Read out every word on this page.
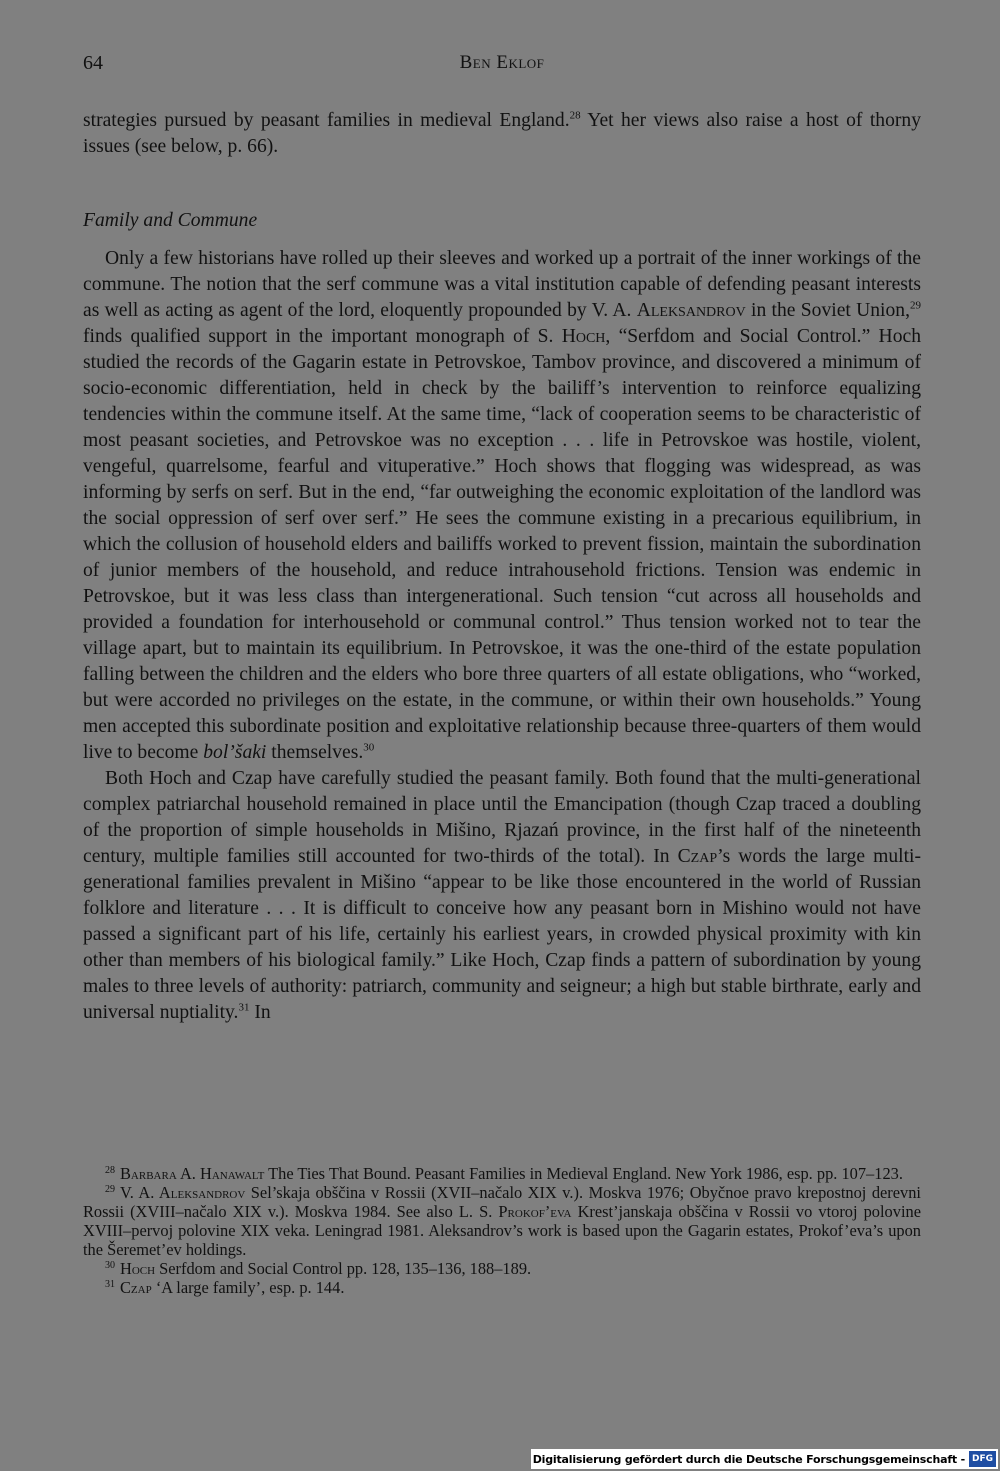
64	Ben Eklof

strategies pursued by peasant families in medieval England.$^{28}$ Yet her views also raise a host of thorny issues (see below, p. 66).

Family and Commune

Only a few historians have rolled up their sleeves and worked up a portrait of the inner workings of the commune. The notion that the serf commune was a vital institution capable of defending peasant interests as well as acting as agent of the lord, eloquently propounded by V. A. Aleksandrov in the Soviet Union,$^{29}$ finds qualified support in the important monograph of S. Hoch, “Serfdom and Social Control.” Hoch studied the records of the Gagarin estate in Petrovskoe, Tambov province, and discovered a minimum of socio-economic differentiation, held in check by the bailiff’s intervention to reinforce equalizing tendencies within the commune itself. At the same time, “lack of cooperation seems to be characteristic of most peasant societies, and Petrovskoe was no exception . . . life in Petrovskoe was hostile, violent, vengeful, quarrelsome, fearful and vituperative.” Hoch shows that flogging was widespread, as was informing by serfs on serf. But in the end, “far outweighing the economic exploitation of the landlord was the social oppression of serf over serf.” He sees the commune existing in a precarious equilibrium, in which the collusion of household elders and bailiffs worked to prevent fission, maintain the subordination of junior members of the household, and reduce intrahousehold frictions. Tension was endemic in Petrovskoe, but it was less class than intergenerational. Such tension “cut across all households and provided a foundation for interhousehold or communal control.” Thus tension worked not to tear the village apart, but to maintain its equilibrium. In Petrovskoe, it was the one-third of the estate population falling between the children and the elders who bore three quarters of all estate obligations, who “worked, but were accorded no privileges on the estate, in the commune, or within their own households.” Young men accepted this subordinate position and exploitative relationship because three-quarters of them would live to become bol’šaki themselves.$^{30}$

Both Hoch and Czap have carefully studied the peasant family. Both found that the multi-generational complex patriarchal household remained in place until the Emancipation (though Czap traced a doubling of the proportion of simple households in Mišino, Rjazań province, in the first half of the nineteenth century, multiple families still accounted for two-thirds of the total). In Czap’s words the large multi-generational families prevalent in Mišino “appear to be like those encountered in the world of Russian folklore and literature . . . It is difficult to conceive how any peasant born in Mishino would not have passed a significant part of his life, certainly his earliest years, in crowded physical proximity with kin other than members of his biological family.” Like Hoch, Czap finds a pattern of subordination by young males to three levels of authority: patriarch, community and seigneur; a high but stable birthrate, early and universal nuptiality.$^{31}$ In

$^{28}$ Barbara A. Hanawalt The Ties That Bound. Peasant Families in Medieval England. New York 1986, esp. pp. 107–123.

$^{29}$ V. A. Aleksandrov Sel’skaja obščina v Rossii (XVII–načalo XIX v.). Moskva 1976; Obyčnoe pravo krepostnoj derevni Rossii (XVIII–načalo XIX v.). Moskva 1984. See also L. S. Prokof’eva Krest’janskaja obščina v Rossii vo vtoroj polovine XVIII–pervoj polovine XIX veka. Leningrad 1981. Aleksandrov’s work is based upon the Gagarin estates, Prokof’eva’s upon the Šeremet’ev holdings.

$^{30}$ Hoch Serfdom and Social Control pp. 128, 135–136, 188–189.

$^{31}$ Czap ‘A large family’, esp. p. 144.

Digitalisierung gefördert durch die Deutsche Forschungsgemeinschaft - DFG
